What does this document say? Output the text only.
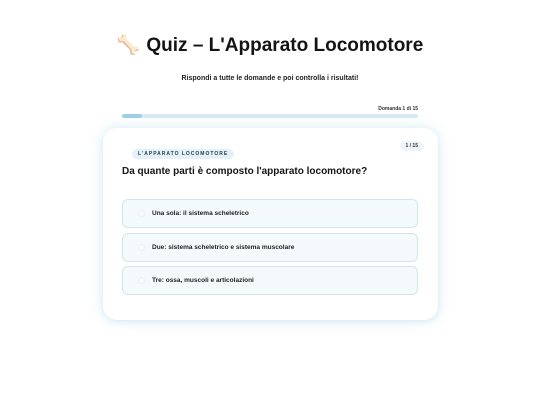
🦴 Quiz – L'Apparato Locomotore
Rispondi a tutte le domande e poi controlla i risultati!
Domanda 1 di 15
1 / 15
L'APPARATO LOCOMOTORE
Da quante parti è composto l'apparato locomotore?
Una sola: il sistema scheletrico
Due: sistema scheletrico e sistema muscolare
Tre: ossa, muscoli e articolazioni
